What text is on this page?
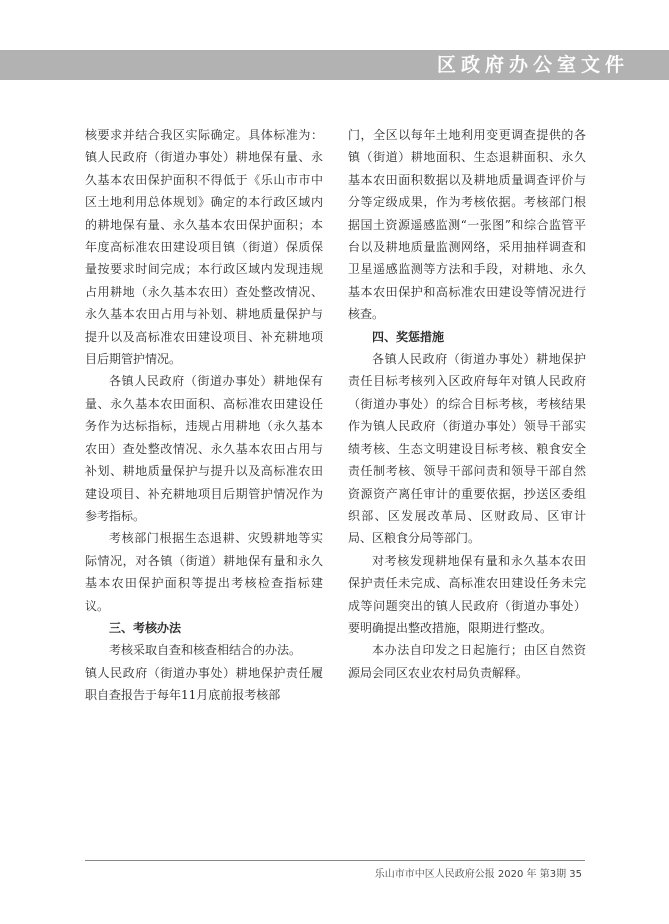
区政府办公室文件

核要求并结合我区实际确定。具体标准为：镇人民政府（街道办事处）耕地保有量、永久基本农田保护面积不得低于《乐山市市中区土地利用总体规划》确定的本行政区域内的耕地保有量、永久基本农田保护面积；本年度高标准农田建设项目镇（街道）保质保量按要求时间完成；本行政区域内发现违规占用耕地（永久基本农田）查处整改情况、永久基本农田占用与补划、耕地质量保护与提升以及高标准农田建设项目、补充耕地项目后期管护情况。

各镇人民政府（街道办事处）耕地保有量、永久基本农田面积、高标准农田建设任务作为达标指标，违规占用耕地（永久基本农田）查处整改情况、永久基本农田占用与补划、耕地质量保护与提升以及高标准农田建设项目、补充耕地项目后期管护情况作为参考指标。

考核部门根据生态退耕、灾毁耕地等实际情况，对各镇（街道）耕地保有量和永久基本农田保护面积等提出考核检查指标建议。

三、考核办法

考核采取自查和核查相结合的办法。

镇人民政府（街道办事处）耕地保护责任履职自查报告于每年11月底前报考核部

门，全区以每年土地利用变更调查提供的各镇（街道）耕地面积、生态退耕面积、永久基本农田面积数据以及耕地质量调查评价与分等定级成果，作为考核依据。考核部门根据国土资源遥感监测“一张图”和综合监管平台以及耕地质量监测网络，采用抽样调查和卫星遥感监测等方法和手段，对耕地、永久基本农田保护和高标准农田建设等情况进行核查。

四、奖惩措施

各镇人民政府（街道办事处）耕地保护责任目标考核列入区政府每年对镇人民政府（街道办事处）的综合目标考核，考核结果作为镇人民政府（街道办事处）领导干部实绩考核、生态文明建设目标考核、粮食安全责任制考核、领导干部问责和领导干部自然资源资产离任审计的重要依据，抄送区委组织部、区发展改革局、区财政局、区审计局、区粮食分局等部门。

对考核发现耕地保有量和永久基本农田保护责任未完成、高标准农田建设任务未完成等问题突出的镇人民政府（街道办事处）要明确提出整改措施，限期进行整改。

本办法自印发之日起施行；由区自然资源局会同区农业农村局负责解释。

乐山市市中区人民政府公报 2020 年 第3期 35
